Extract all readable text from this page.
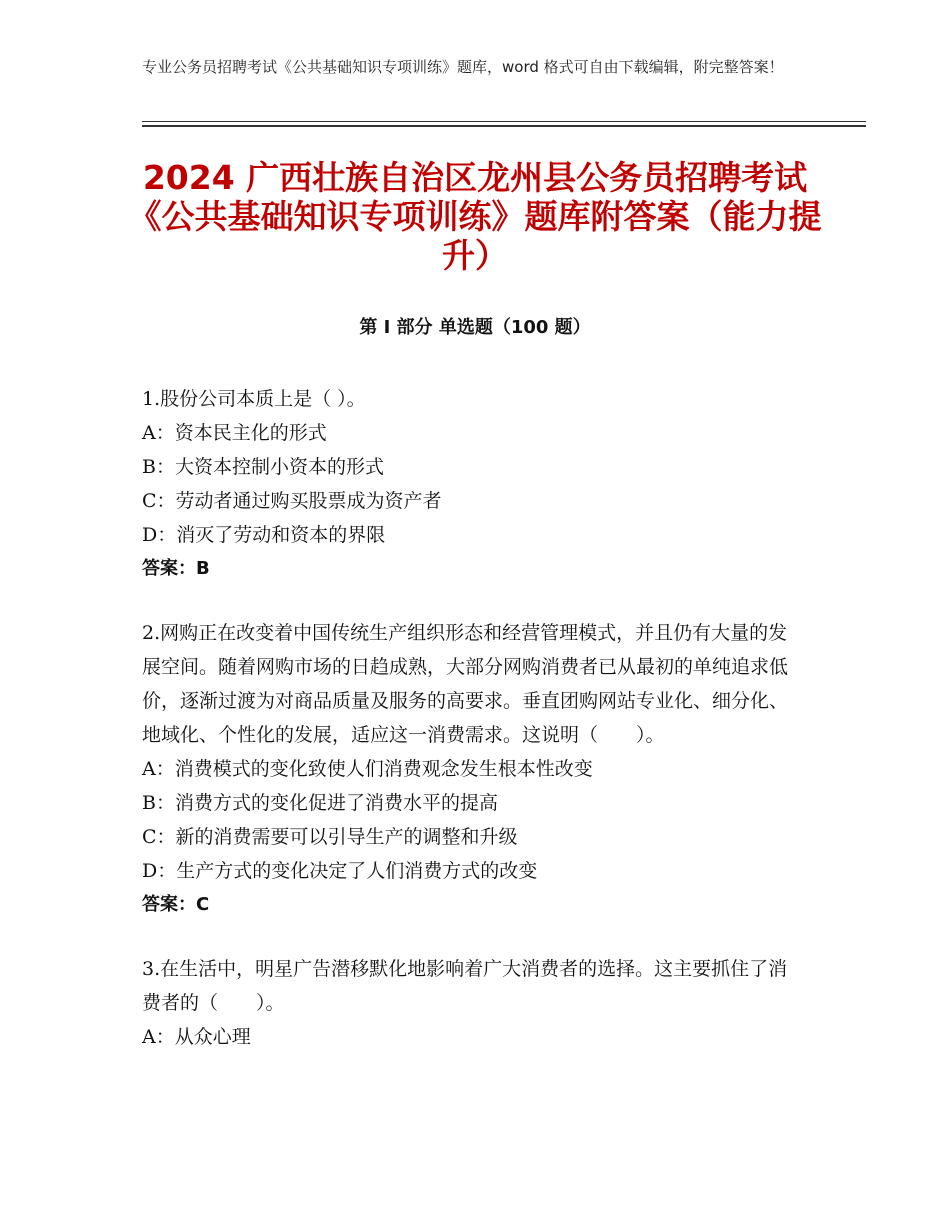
专业公务员招聘考试《公共基础知识专项训练》题库，word 格式可自由下载编辑，附完整答案！
2024 广西壮族自治区龙州县公务员招聘考试《公共基础知识专项训练》题库附答案（能力提升）
第 I 部分 单选题（100 题）

1.股份公司本质上是（ ）。

A：资本民主化的形式

B：大资本控制小资本的形式

C：劳动者通过购买股票成为资产者

D：消灭了劳动和资本的界限

答案：B

2.网购正在改变着中国传统生产组织形态和经营管理模式，并且仍有大量的发展空间。随着网购市场的日趋成熟，大部分网购消费者已从最初的单纯追求低价，逐渐过渡为对商品质量及服务的高要求。垂直团购网站专业化、细分化、地域化、个性化的发展，适应这一消费需求。这说明（　　）。

A：消费模式的变化致使人们消费观念发生根本性改变

B：消费方式的变化促进了消费水平的提高

C：新的消费需要可以引导生产的调整和升级

D：生产方式的变化决定了人们消费方式的改变

答案：C

3.在生活中，明星广告潜移默化地影响着广大消费者的选择。这主要抓住了消费者的（　　）。

A：从众心理
